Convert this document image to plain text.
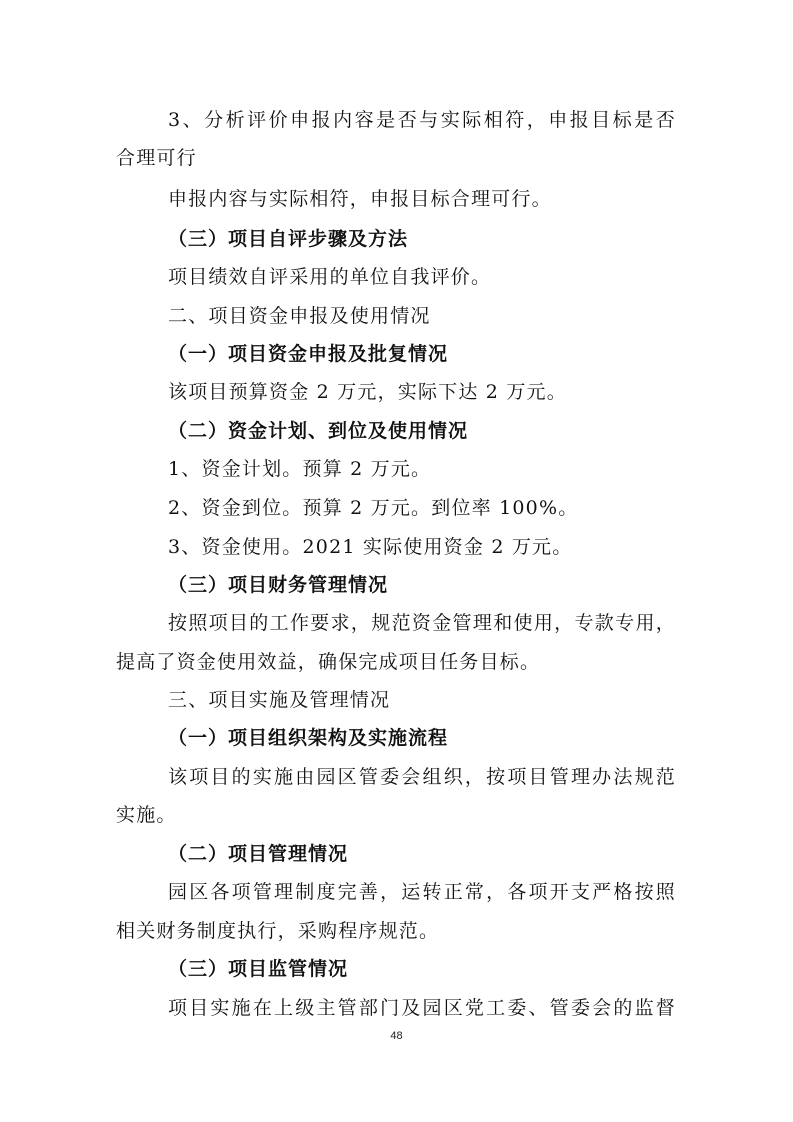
3、分析评价申报内容是否与实际相符，申报目标是否
合理可行
申报内容与实际相符，申报目标合理可行。
（三）项目自评步骤及方法
项目绩效自评采用的单位自我评价。
二、项目资金申报及使用情况
（一）项目资金申报及批复情况
该项目预算资金 2 万元，实际下达 2 万元。
（二）资金计划、到位及使用情况
1、资金计划。预算 2 万元。
2、资金到位。预算 2 万元。到位率 100%。
3、资金使用。2021 实际使用资金 2 万元。
（三）项目财务管理情况
按照项目的工作要求，规范资金管理和使用，专款专用，
提高了资金使用效益，确保完成项目任务目标。
三、项目实施及管理情况
（一）项目组织架构及实施流程
该项目的实施由园区管委会组织，按项目管理办法规范
实施。
（二）项目管理情况
园区各项管理制度完善，运转正常，各项开支严格按照
相关财务制度执行，采购程序规范。
（三）项目监管情况
项目实施在上级主管部门及园区党工委、管委会的监督
48
